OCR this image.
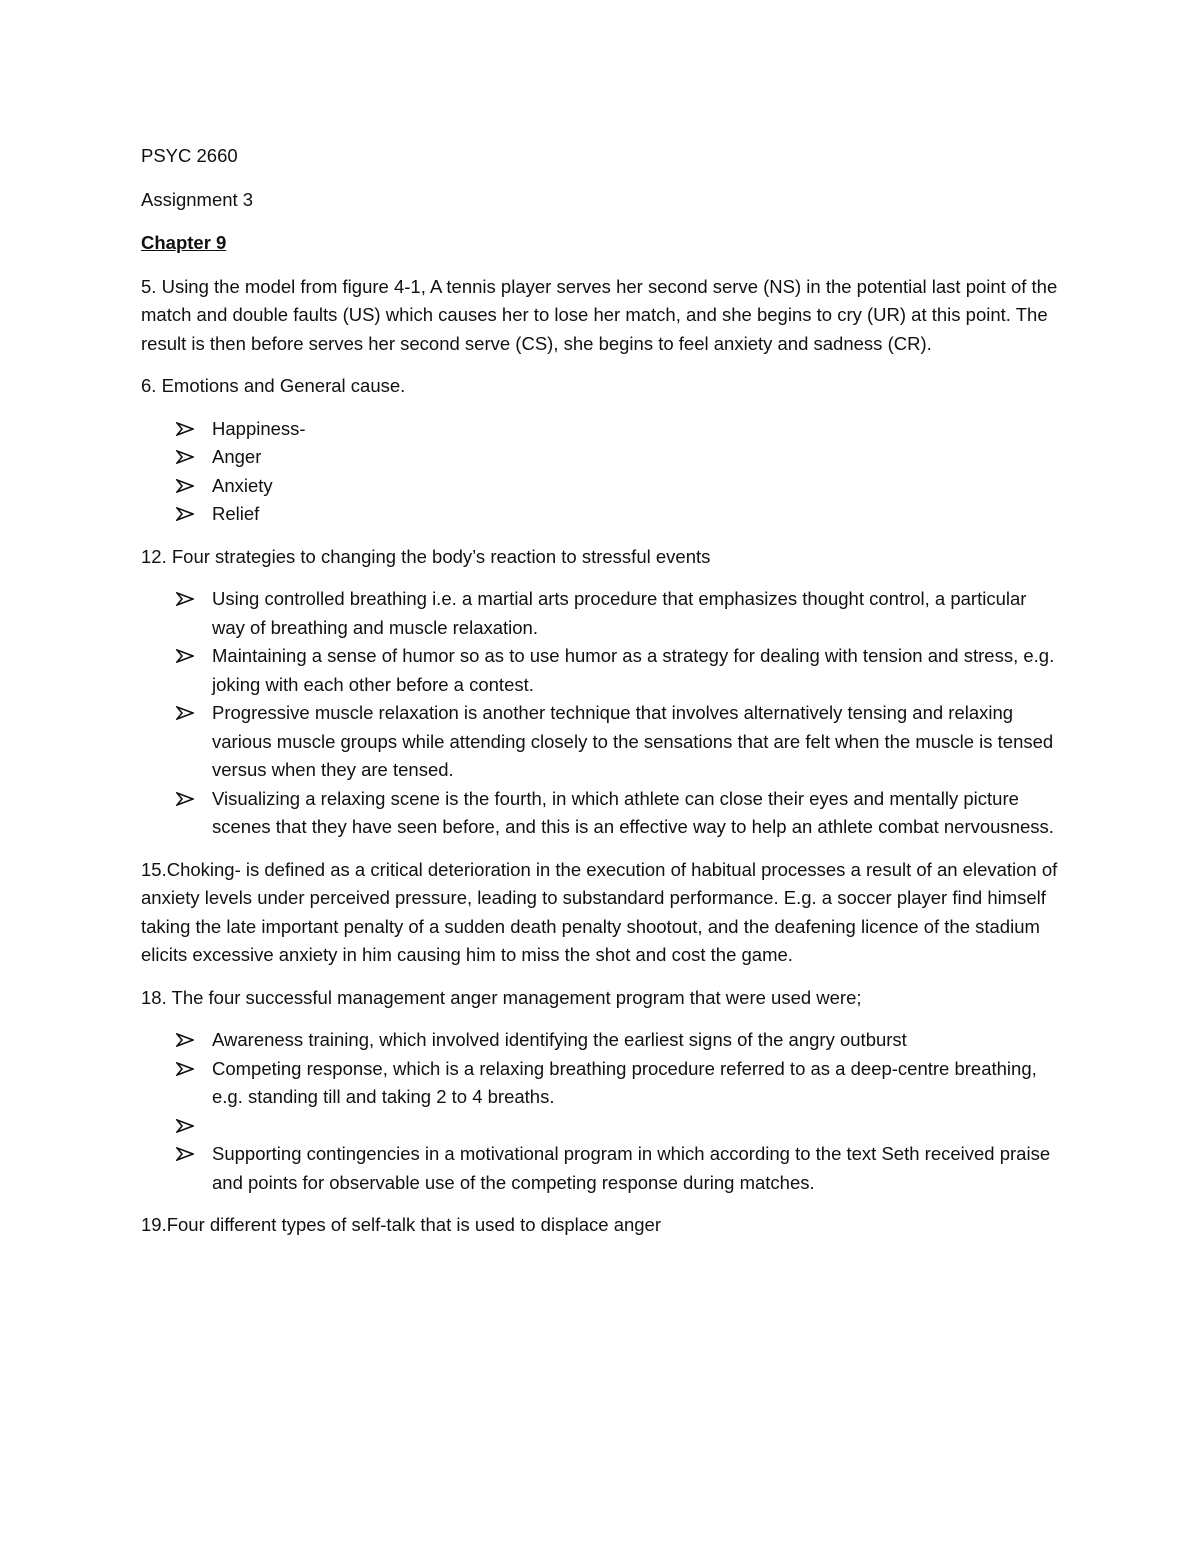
PSYC 2660

Assignment 3

Chapter 9

5. Using the model from figure 4-1, A tennis player serves her second serve (NS) in the potential last point of the match and double faults (US) which causes her to lose her match, and she begins to cry (UR) at this point. The result is then before serves her second serve (CS), she begins to feel anxiety and sadness (CR).

6. Emotions and General cause.

Happiness-
Anger
Anxiety
Relief

12. Four strategies to changing the body’s reaction to stressful events

Using controlled breathing i.e. a martial arts procedure that emphasizes thought control, a particular way of breathing and muscle relaxation.
Maintaining a sense of humor so as to use humor as a strategy for dealing with tension and stress, e.g. joking with each other before a contest.
Progressive muscle relaxation is another technique that involves alternatively tensing and relaxing various muscle groups while attending closely to the sensations that are felt when the muscle is tensed versus when they are tensed.
Visualizing a relaxing scene is the fourth, in which athlete can close their eyes and mentally picture scenes that they have seen before, and this is an effective way to help an athlete combat nervousness.

15.Choking- is defined as a critical deterioration in the execution of habitual processes a result of an elevation of anxiety levels under perceived pressure, leading to substandard performance. E.g. a soccer player find himself taking the late important penalty of a sudden death penalty shootout, and the deafening licence of the stadium elicits excessive anxiety in him causing him to miss the shot and cost the game.

18. The four successful management anger management program that were used were;

Awareness training, which involved identifying the earliest signs of the angry outburst
Competing response, which is a relaxing breathing procedure referred to as a deep-centre breathing, e.g. standing till and taking 2 to 4 breaths.

Supporting contingencies in a motivational program in which according to the text Seth received praise and points for observable use of the competing response during matches.

19.Four different types of self-talk that is used to displace anger
